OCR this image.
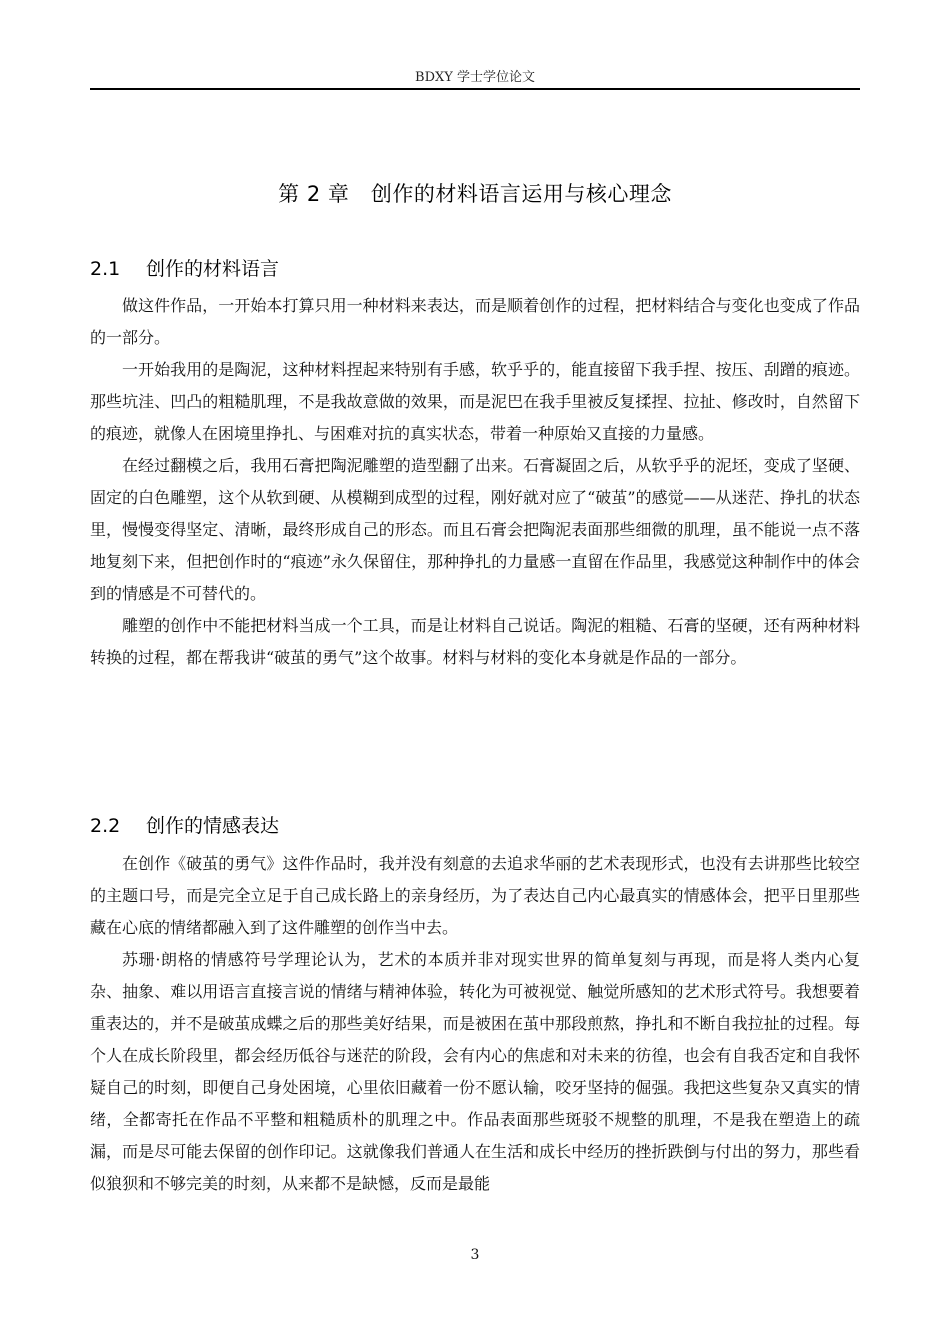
BDXY 学士学位论文
第 2 章　创作的材料语言运用与核心理念
2.1 创作的材料语言

做这件作品，一开始本打算只用一种材料来表达，而是顺着创作的过程，把材料结合与变化也变成了作品的一部分。

一开始我用的是陶泥，这种材料捏起来特别有手感，软乎乎的，能直接留下我手捏、按压、刮蹭的痕迹。那些坑洼、凹凸的粗糙肌理，不是我故意做的效果，而是泥巴在我手里被反复揉捏、拉扯、修改时，自然留下的痕迹，就像人在困境里挣扎、与困难对抗的真实状态，带着一种原始又直接的力量感。

在经过翻模之后，我用石膏把陶泥雕塑的造型翻了出来。石膏凝固之后，从软乎乎的泥坯，变成了坚硬、固定的白色雕塑，这个从软到硬、从模糊到成型的过程，刚好就对应了“破茧”的感觉——从迷茫、挣扎的状态里，慢慢变得坚定、清晰，最终形成自己的形态。而且石膏会把陶泥表面那些细微的肌理，虽不能说一点不落地复刻下来，但把创作时的“痕迹”永久保留住，那种挣扎的力量感一直留在作品里，我感觉这种制作中的体会到的情感是不可替代的。

雕塑的创作中不能把材料当成一个工具，而是让材料自己说话。陶泥的粗糙、石膏的坚硬，还有两种材料转换的过程，都在帮我讲“破茧的勇气”这个故事。材料与材料的变化本身就是作品的一部分。

2.2 创作的情感表达

在创作《破茧的勇气》这件作品时，我并没有刻意的去追求华丽的艺术表现形式，也没有去讲那些比较空的主题口号，而是完全立足于自己成长路上的亲身经历，为了表达自己内心最真实的情感体会，把平日里那些藏在心底的情绪都融入到了这件雕塑的创作当中去。

苏珊·朗格的情感符号学理论认为，艺术的本质并非对现实世界的简单复刻与再现，而是将人类内心复杂、抽象、难以用语言直接言说的情绪与精神体验，转化为可被视觉、触觉所感知的艺术形式符号。我想要着重表达的，并不是破茧成蝶之后的那些美好结果，而是被困在茧中那段煎熬，挣扎和不断自我拉扯的过程。每个人在成长阶段里，都会经历低谷与迷茫的阶段，会有内心的焦虑和对未来的彷徨，也会有自我否定和自我怀疑自己的时刻，即便自己身处困境，心里依旧藏着一份不愿认输，咬牙坚持的倔强。我把这些复杂又真实的情绪，全都寄托在作品不平整和粗糙质朴的肌理之中。作品表面那些斑驳不规整的肌理，不是我在塑造上的疏漏，而是尽可能去保留的创作印记。这就像我们普通人在生活和成长中经历的挫折跌倒与付出的努力，那些看似狼狈和不够完美的时刻，从来都不是缺憾，反而是最能

3
